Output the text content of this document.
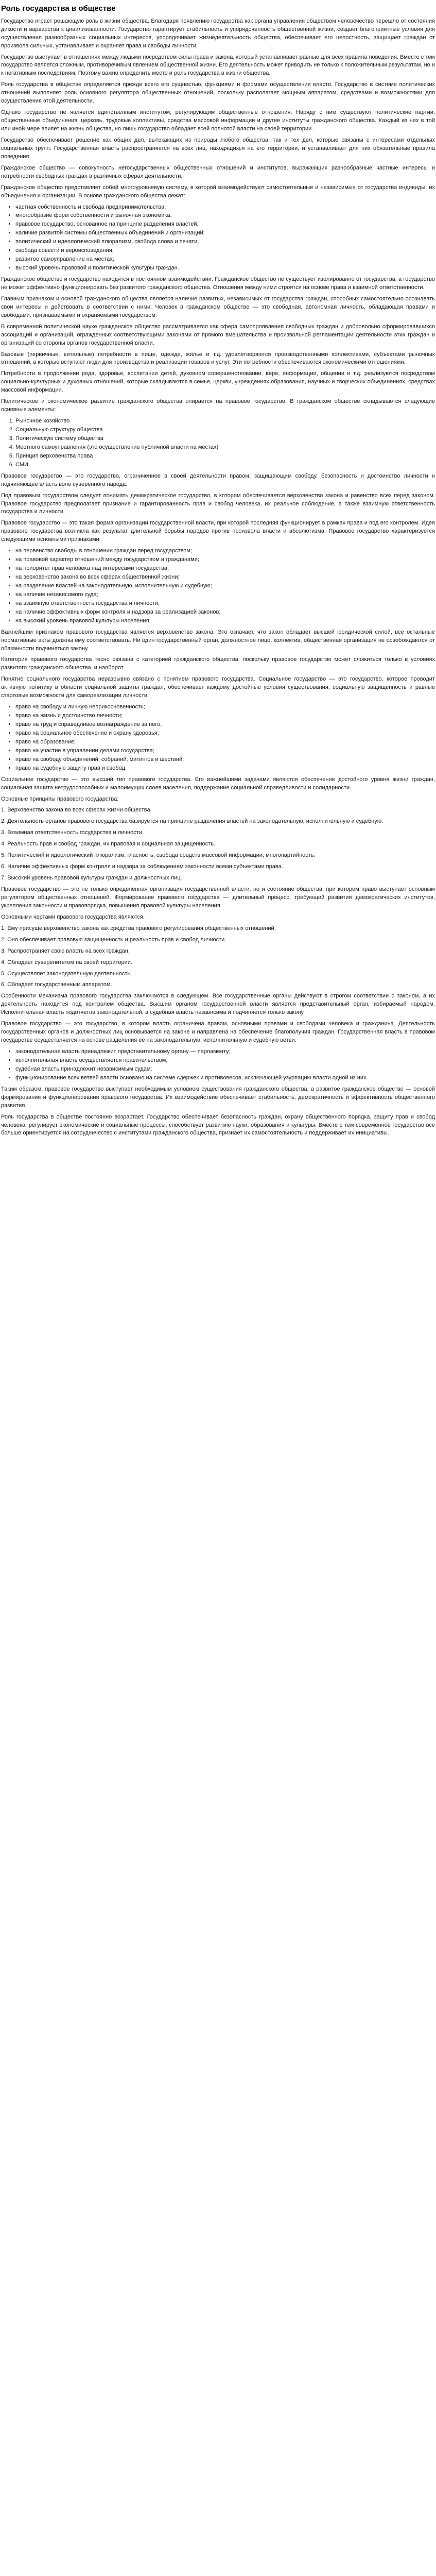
Роль государства в обществе

Государство играет решающую роль в жизни общества. Благодаря появлению государства как органа управления обществом человечество перешло от состояния дикости и варварства к цивилизованности. Государство гарантирует стабильность и упорядоченность общественной жизни, создает благоприятные условия для осуществления разнообразных социальных интересов, упорядочивает жизнедеятельность общества, обеспечивает его целостность, защищает граждан от произвола сильных, устанавливает и охраняет права и свободы личности.

Государство выступает в отношениях между людьми посредством силы права и закона, который устанавливает равные для всех правила поведения. Вместе с тем государство является сложным, противоречивым явлением общественной жизни. Его деятельность может приводить не только к положительным результатам, но и к негативным последствиям. Поэтому важно определить место и роль государства в жизни общества.

Роль государства в обществе определяется прежде всего его сущностью, функциями и формами осуществления власти. Государство в системе политических отношений выполняет роль основного регулятора общественных отношений, поскольку располагает мощным аппаратом, средствами и возможностями для осуществления этой деятельности.

Однако государство не является единственным институтом, регулирующим общественные отношения. Наряду с ним существуют политические партии, общественные объединения, церковь, трудовые коллективы, средства массовой информации и другие институты гражданского общества. Каждый из них в той или иной мере влияет на жизнь общества, но лишь государство обладает всей полнотой власти на своей территории.

Государство обеспечивает решение как общих дел, вытекающих из природы любого общества, так и тех дел, которые связаны с интересами отдельных социальных групп. Государственная власть распространяется на всех лиц, находящихся на его территории, и устанавливает для них обязательные правила поведения.

Гражданское общество — совокупность негосударственных общественных отношений и институтов, выражающих разнообразные частные интересы и потребности свободных граждан в различных сферах деятельности.

Гражданское общество представляет собой многоуровневую систему, в которой взаимодействуют самостоятельные и независимые от государства индивиды, их объединения и организации. В основе гражданского общества лежат:

• частная собственность и свобода предпринимательства;
• многообразие форм собственности и рыночная экономика;
• правовое государство, основанное на принципе разделения властей;
• наличие развитой системы общественных объединений и организаций;
• политический и идеологический плюрализм, свобода слова и печати;
• свобода совести и вероисповедания;
• развитое самоуправление на местах;
• высокий уровень правовой и политической культуры граждан.

Гражданское общество и государство находятся в постоянном взаимодействии. Гражданское общество не существует изолированно от государства, а государство не может эффективно функционировать без развитого гражданского общества. Отношения между ними строятся на основе права и взаимной ответственности.

Главным признаком и основой гражданского общества является наличие развитых, независимых от государства граждан, способных самостоятельно осознавать свои интересы и действовать в соответствии с ними. Человек в гражданском обществе — это свободная, автономная личность, обладающая правами и свободами, признаваемыми и охраняемыми государством.

В современной политической науке гражданское общество рассматривается как сфера самопроявления свободных граждан и добровольно сформировавшихся ассоциаций и организаций, огражденных соответствующими законами от прямого вмешательства и произвольной регламентации деятельности этих граждан и организаций со стороны органов государственной власти.

Базовые (первичные, витальные) потребности в пище, одежде, жилье и т.д. удовлетворяются производственными коллективами, субъектами рыночных отношений, в которые вступают люди для производства и реализации товаров и услуг. Эти потребности обеспечиваются экономическими отношениями.

Потребности в продолжении рода, здоровье, воспитании детей, духовном совершенствовании, вере, информации, общении и т.д. реализуются посредством социально-культурных и духовных отношений, которые складываются в семье, церкви, учреждениях образования, научных и творческих объединениях, средствах массовой информации.

Политическое и экономическое развитие гражданского общества опирается на правовое государство. В гражданском обществе складываются следующие основные элементы:

1. Рыночное хозяйство
2. Социальную структуру общества
3. Политическую систему общества
4. Местного самоуправления (это осуществление публичной власти на местах)
5. Принцип верховенства права
6. СМИ

Правовое государство — это государство, ограниченное в своей деятельности правом, защищающим свободу, безопасность и достоинство личности и подчиняющее власть воле суверенного народа.

Под правовым государством следует понимать демократическое государство, в котором обеспечивается верховенство закона и равенство всех перед законом. Правовое государство предполагает признание и гарантированность прав и свобод человека, их реальное соблюдение, а также взаимную ответственность государства и личности.

Правовое государство — это такая форма организации государственной власти, при которой последняя функционирует в рамках права и под его контролем. Идея правового государства возникла как результат длительной борьбы народов против произвола власти и абсолютизма. Правовое государство характеризуется следующими основными признаками:

• на первенство свободы в отношении граждан перед государством;
• на правовой характер отношений между государством и гражданами;
• на приоритет прав человека над интересами государства;
• на верховенство закона во всех сферах общественной жизни;
• на разделение властей на законодательную, исполнительную и судебную;
• на наличие независимого суда;
• на взаимную ответственность государства и личности;
• на наличие эффективных форм контроля и надзора за реализацией законов;
• на высокий уровень правовой культуры населения.

Важнейшим признаком правового государства является верховенство закона. Это означает, что закон обладает высшей юридической силой, все остальные нормативные акты должны ему соответствовать. Ни один государственный орган, должностное лицо, коллектив, общественная организация не освобождаются от обязанности подчиняться закону.

Категория правового государства тесно связана с категорией гражданского общества, поскольку правовое государство может сложиться только в условиях развитого гражданского общества, и наоборот.

Понятие социального государства неразрывно связано с понятием правового государства. Социальное государство — это государство, которое проводит активную политику в области социальной защиты граждан, обеспечивает каждому достойные условия существования, социальную защищенность и равные стартовые возможности для самореализации личности.

• право на свободу и личную неприкосновенность;
• право на жизнь и достоинство личности;
• право на труд и справедливое вознаграждение за него;
• право на социальное обеспечение и охрану здоровья;
• право на образование;
• право на участие в управлении делами государства;
• право на свободу объединений, собраний, митингов и шествий;
• право на судебную защиту прав и свобод.

Социальное государство — это высший тип правового государства. Его важнейшими задачами являются обеспечение достойного уровня жизни граждан, социальная защита нетрудоспособных и малоимущих слоев населения, поддержание социальной справедливости и солидарности.

Основные принципы правового государства:

1. Верховенство закона во всех сферах жизни общества.

2. Деятельность органов правового государства базируется на принципе разделения властей на законодательную, исполнительную и судебную.

3. Взаимная ответственность государства и личности.

4. Реальность прав и свобод граждан, их правовая и социальная защищенность.

5. Политический и идеологический плюрализм, гласность, свобода средств массовой информации, многопартийность.

6. Наличие эффективных форм контроля и надзора за соблюдением законности всеми субъектами права.

7. Высокий уровень правовой культуры граждан и должностных лиц.

Правовое государство — это не только определенная организация государственной власти, но и состояние общества, при котором право выступает основным регулятором общественных отношений. Формирование правового государства — длительный процесс, требующий развития демократических институтов, укрепления законности и правопорядка, повышения правовой культуры населения.

Основными чертами правового государства являются:

1. Ему присуще верховенство закона как средства правового регулирования общественных отношений.

2. Оно обеспечивает правовую защищенность и реальность прав и свобод личности.

3. Распространяет свою власть на всех граждан.

4. Обладает суверенитетом на своей территории.

5. Осуществляет законодательную деятельность.

6. Обладает государственным аппаратом.

Особенности механизма правового государства заключаются в следующем. Все государственные органы действуют в строгом соответствии с законом, а их деятельность находится под контролем общества. Высшим органом государственной власти является представительный орган, избираемый народом. Исполнительная власть подотчетна законодательной, а судебная власть независима и подчиняется только закону.

Правовое государство — это государство, в котором власть ограничена правом, основными правами и свободами человека и гражданина. Деятельность государственных органов и должностных лиц основывается на законе и направлена на обеспечение благополучия граждан. Государственная власть в правовом государстве осуществляется на основе разделения ее на законодательную, исполнительную и судебную ветви.

• законодательная власть принадлежит представительному органу — парламенту;
• исполнительная власть осуществляется правительством;
• судебная власть принадлежит независимым судам;
• функционирование всех ветвей власти основано на системе сдержек и противовесов, исключающей узурпацию власти одной из них.

Таким образом, правовое государство выступает необходимым условием существования гражданского общества, а развитое гражданское общество — основой формирования и функционирования правового государства. Их взаимодействие обеспечивает стабильность, демократичность и эффективность общественного развития.

Роль государства в обществе постоянно возрастает. Государство обеспечивает безопасность граждан, охрану общественного порядка, защиту прав и свобод человека, регулирует экономические и социальные процессы, способствует развитию науки, образования и культуры. Вместе с тем современное государство все больше ориентируется на сотрудничество с институтами гражданского общества, признает их самостоятельность и поддерживает их инициативы.
